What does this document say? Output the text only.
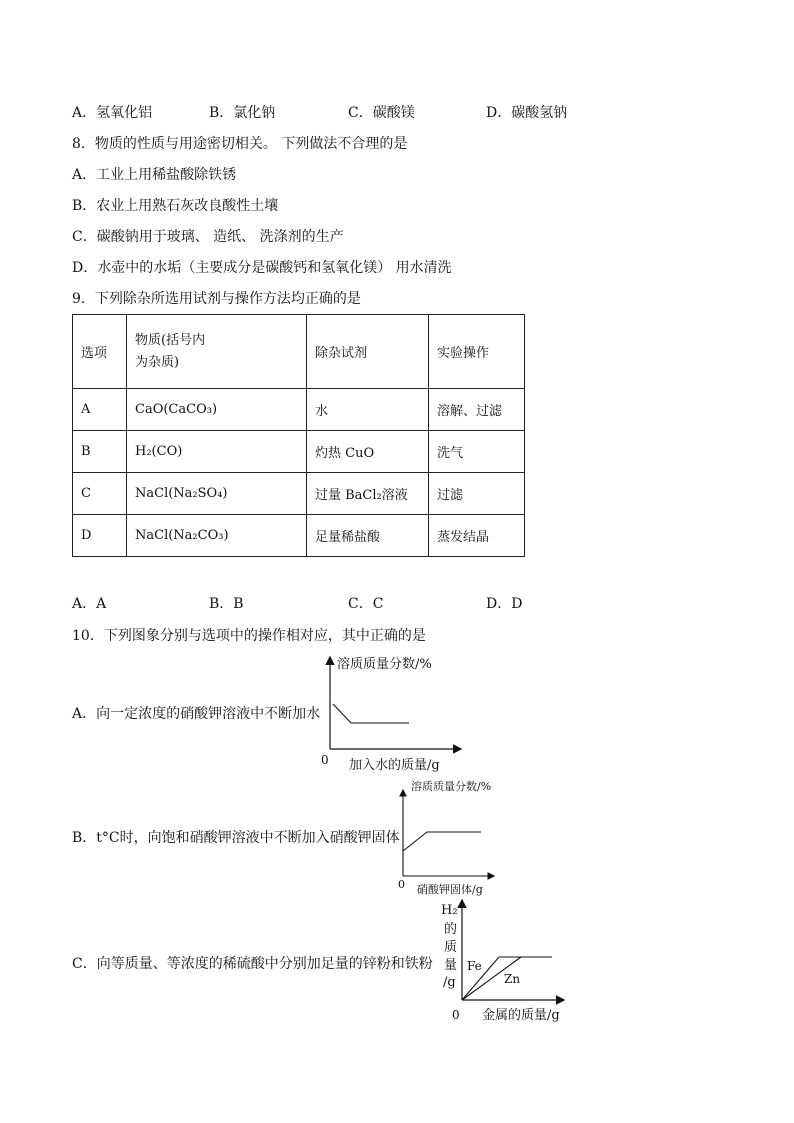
A．氢氧化铝	B．氯化钠	C．碳酸镁	D．碳酸氢钠
8．物质的性质与用途密切相关。 下列做法不合理的是
A．工业上用稀盐酸除铁锈
B．农业上用熟石灰改良酸性土壤
C．碳酸钠用于玻璃、 造纸、 洗涤剂的生产
D．水壶中的水垢（主要成分是碳酸钙和氢氧化镁） 用水清洗
9．下列除杂所选用试剂与操作方法均正确的是
选项	物质(括号内
为杂质)	除杂试剂	实验操作
A	CaO(CaCO₃)	水	溶解、过滤
B	H₂(CO)	灼热 CuO	洗气
C	NaCl(Na₂SO₄)	过量 BaCl₂溶液	过滤
D	NaCl(Na₂CO₃)	足量稀盐酸	蒸发结晶
A．A	B．B	C．C	D．D
10．下列图象分别与选项中的操作相对应，其中正确的是
A．向一定浓度的硝酸钾溶液中不断加水
溶质质量分数/%
0 加入水的质量/g
B．t°C时，向饱和硝酸钾溶液中不断加入硝酸钾固体
溶质质量分数/%
0 硝酸钾固体/g
C．向等质量、等浓度的稀硫酸中分别加足量的锌粉和铁粉
H₂
的
质
量
/g
Fe
Zn
0 金属的质量/g
